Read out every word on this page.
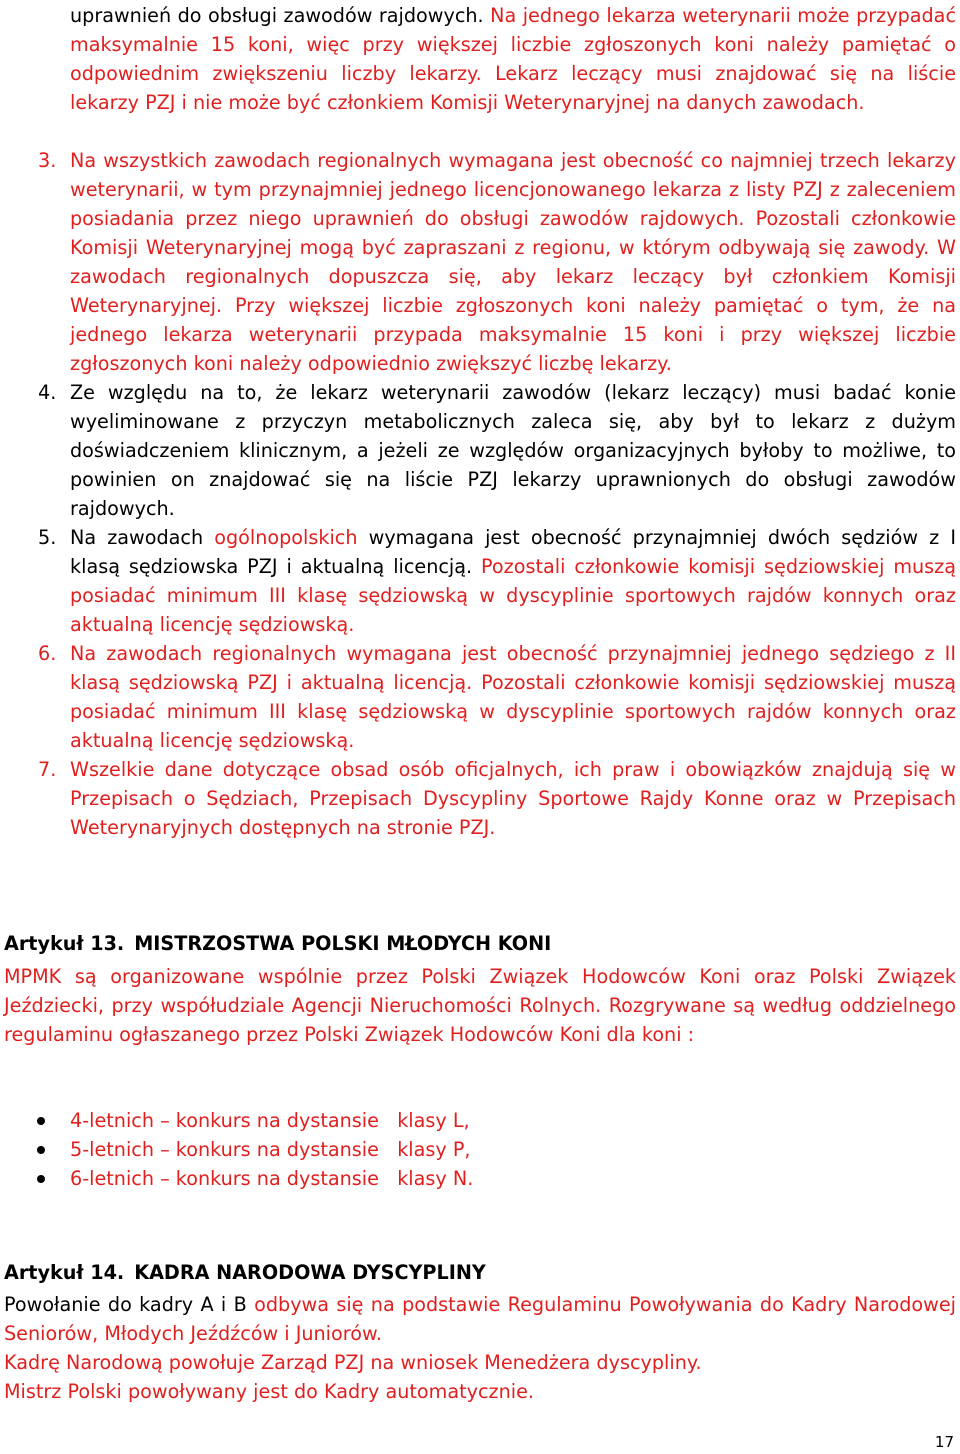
uprawnień do obsługi zawodów rajdowych. Na jednego lekarza weterynarii może przypadać maksymalnie 15 koni, więc przy większej liczbie zgłoszonych koni należy pamiętać o odpowiednim zwiększeniu liczby lekarzy. Lekarz leczący musi znajdować się na liście lekarzy PZJ i nie może być członkiem Komisji Weterynaryjnej na danych zawodach.
3. Na wszystkich zawodach regionalnych wymagana jest obecność co najmniej trzech lekarzy weterynarii, w tym przynajmniej jednego licencjonowanego lekarza z listy PZJ z zaleceniem posiadania przez niego uprawnień do obsługi zawodów rajdowych. Pozostali członkowie Komisji Weterynaryjnej mogą być zapraszani z regionu, w którym odbywają się zawody. W zawodach regionalnych dopuszcza się, aby lekarz leczący był członkiem Komisji Weterynaryjnej. Przy większej liczbie zgłoszonych koni należy pamiętać o tym, że na jednego lekarza weterynarii przypada maksymalnie 15 koni i przy większej liczbie zgłoszonych koni należy odpowiednio zwiększyć liczbę lekarzy.
4. Ze względu na to, że lekarz weterynarii zawodów (lekarz leczący) musi badać konie wyeliminowane z przyczyn metabolicznych zaleca się, aby był to lekarz z dużym doświadczeniem klinicznym, a jeżeli ze względów organizacyjnych byłoby to możliwe, to powinien on znajdować się na liście PZJ lekarzy uprawnionych do obsługi zawodów rajdowych.
5. Na zawodach ogólnopolskich wymagana jest obecność przynajmniej dwóch sędziów z I klasą sędziowska PZJ i aktualną licencją. Pozostali członkowie komisji sędziowskiej muszą posiadać minimum III klasę sędziowską w dyscyplinie sportowych rajdów konnych oraz aktualną licencję sędziowską.
6. Na zawodach regionalnych wymagana jest obecność przynajmniej jednego sędziego z II klasą sędziowską PZJ i aktualną licencją. Pozostali członkowie komisji sędziowskiej muszą posiadać minimum III klasę sędziowską w dyscyplinie sportowych rajdów konnych oraz aktualną licencję sędziowską.
7. Wszelkie dane dotyczące obsad osób oficjalnych, ich praw i obowiązków znajdują się w Przepisach o Sędziach, Przepisach Dyscypliny Sportowe Rajdy Konne oraz w Przepisach Weterynaryjnych dostępnych na stronie PZJ.
Artykuł 13. MISTRZOSTWA POLSKI MŁODYCH KONI
MPMK są organizowane wspólnie przez Polski Związek Hodowców Koni oraz Polski Związek Jeździecki, przy współudziale Agencji Nieruchomości Rolnych. Rozgrywane są według oddzielnego regulaminu ogłaszanego przez Polski Związek Hodowców Koni dla koni :
4-letnich – konkurs na dystansie   klasy L,
5-letnich – konkurs na dystansie   klasy P,
6-letnich – konkurs na dystansie   klasy N.
Artykuł 14. KADRA NARODOWA DYSCYPLINY
Powołanie do kadry A i B odbywa się na podstawie Regulaminu Powoływania do Kadry Narodowej Seniorów, Młodych Jeźdźców i Juniorów.
Kadrę Narodową powołuje Zarząd PZJ na wniosek Menedżera dyscypliny.
Mistrz Polski powoływany jest do Kadry automatycznie.
17
